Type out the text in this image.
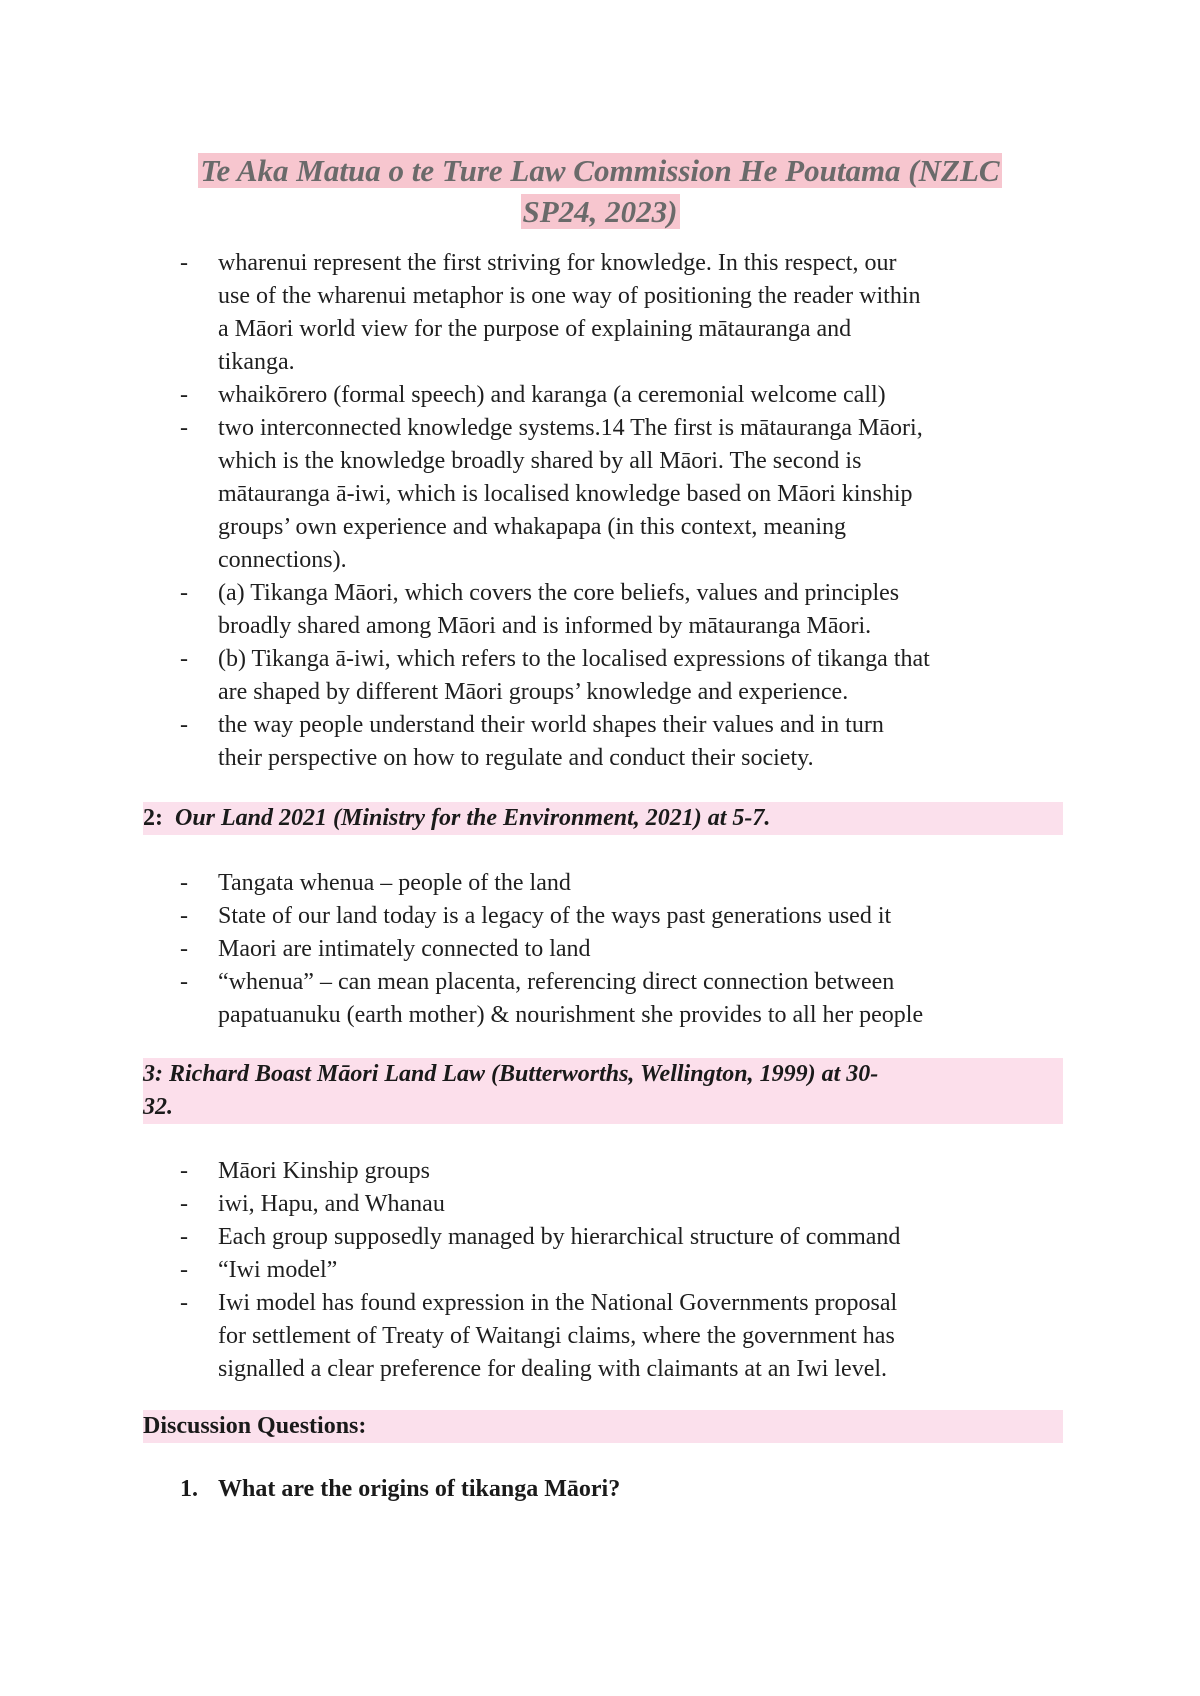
Te Aka Matua o te Ture Law Commission He Poutama (NZLC
SP24, 2023)
-	wharenui represent the first striving for knowledge. In this respect, our
use of the wharenui metaphor is one way of positioning the reader within
a Māori world view for the purpose of explaining mātauranga and
tikanga.
-	whaikōrero (formal speech) and karanga (a ceremonial welcome call)
-	two interconnected knowledge systems.14 The first is mātauranga Māori,
which is the knowledge broadly shared by all Māori. The second is
mātauranga ā-iwi, which is localised knowledge based on Māori kinship
groups’ own experience and whakapapa (in this context, meaning
connections).
-	(a) Tikanga Māori, which covers the core beliefs, values and principles
broadly shared among Māori and is informed by mātauranga Māori.
-	(b) Tikanga ā-iwi, which refers to the localised expressions of tikanga that
are shaped by different Māori groups’ knowledge and experience.
-	the way people understand their world shapes their values and in turn
their perspective on how to regulate and conduct their society.
2: Our Land 2021 (Ministry for the Environment, 2021) at 5-7.
-	Tangata whenua – people of the land
-	State of our land today is a legacy of the ways past generations used it
-	Maori are intimately connected to land
-	“whenua” – can mean placenta, referencing direct connection between
papatuanuku (earth mother) & nourishment she provides to all her people
3: Richard Boast Māori Land Law (Butterworths, Wellington, 1999) at 30-
32.
-	Māori Kinship groups
-	iwi, Hapu, and Whanau
-	Each group supposedly managed by hierarchical structure of command
-	“Iwi model”
-	Iwi model has found expression in the National Governments proposal
for settlement of Treaty of Waitangi claims, where the government has
signalled a clear preference for dealing with claimants at an Iwi level.
Discussion Questions:
1. What are the origins of tikanga Māori?
